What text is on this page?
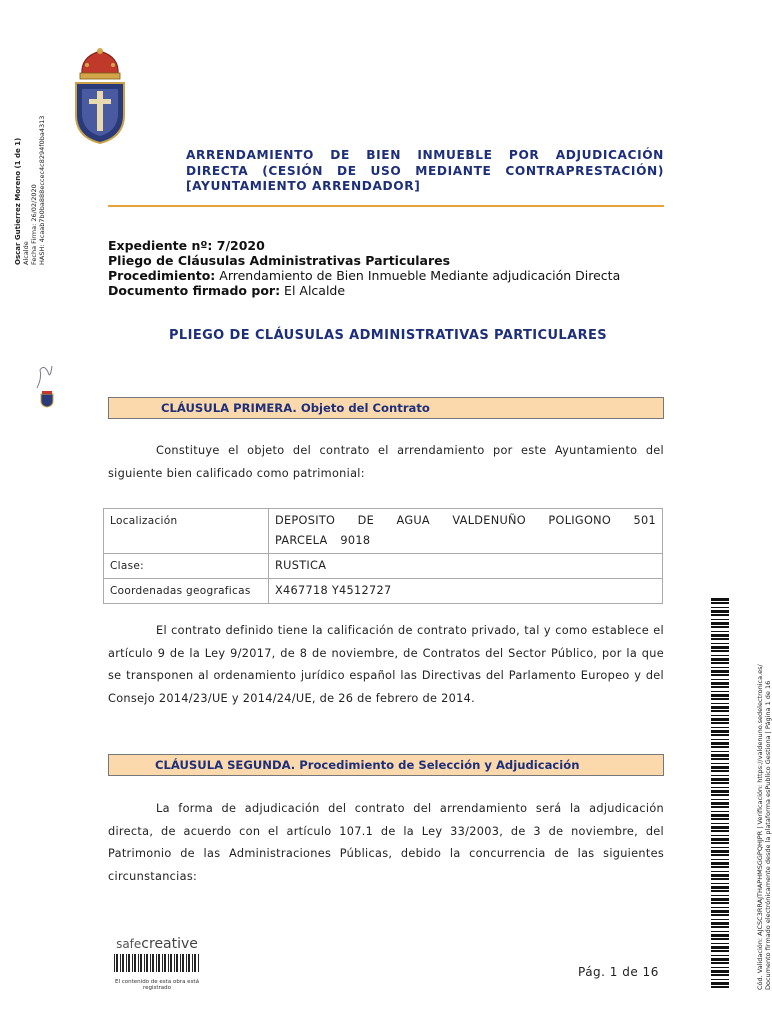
Oscar Gutierrez Moreno (1 de 1) Alcalde Fecha Firma: 26/02/2020 HASH: 4caab7b0ba888eccec4c8294f0ba4313	ARRENDAMIENTO DE BIEN INMUEBLE POR ADJUDICACIÓN
DIRECTA (CESIÓN DE USO MEDIANTE CONTRAPRESTACIÓN)
[AYUNTAMIENTO ARRENDADOR]
Expediente nº: 7/2020
Pliego de Cláusulas Administrativas Particulares
Procedimiento: Arrendamiento de Bien Inmueble Mediante adjudicación Directa
Documento firmado por: El Alcalde
PLIEGO DE CLÁUSULAS ADMINISTRATIVAS PARTICULARES
CLÁUSULA PRIMERA. Objeto del Contrato
Constituye el objeto del contrato el arrendamiento por este Ayuntamiento del siguiente bien calificado como patrimonial:
Localización	DEPOSITO DE AGUA VALDENUÑO POLIGONO 501 PARCELA 9018
Clase:	RUSTICA
Coordenadas geograficas	X467718 Y4512727
El contrato definido tiene la calificación de contrato privado, tal y como establece el artículo 9 de la Ley 9/2017, de 8 de noviembre, de Contratos del Sector Público, por la que se transponen al ordenamiento jurídico español las Directivas del Parlamento Europeo y del Consejo 2014/23/UE y 2014/24/UE, de 26 de febrero de 2014.
CLÁUSULA SEGUNDA. Procedimiento de Selección y Adjudicación
La forma de adjudicación del contrato del arrendamiento será la adjudicación directa, de acuerdo con el artículo 107.1 de la Ley 33/2003, de 3 de noviembre, del Patrimonio de las Administraciones Públicas, debido la concurrencia de las siguientes circunstancias:	Cód. Validación: AJCSC3RRAJTHAPHMSGGPQHJPR | Verificación: https://valdenuno.sedelectronica.es/ Documento firmado electrónicamente desde la plataforma esPublico Gestiona | Página 1 de 16
safecreative
El contenido de esta obra está registrado
Pág. 1 de 16
